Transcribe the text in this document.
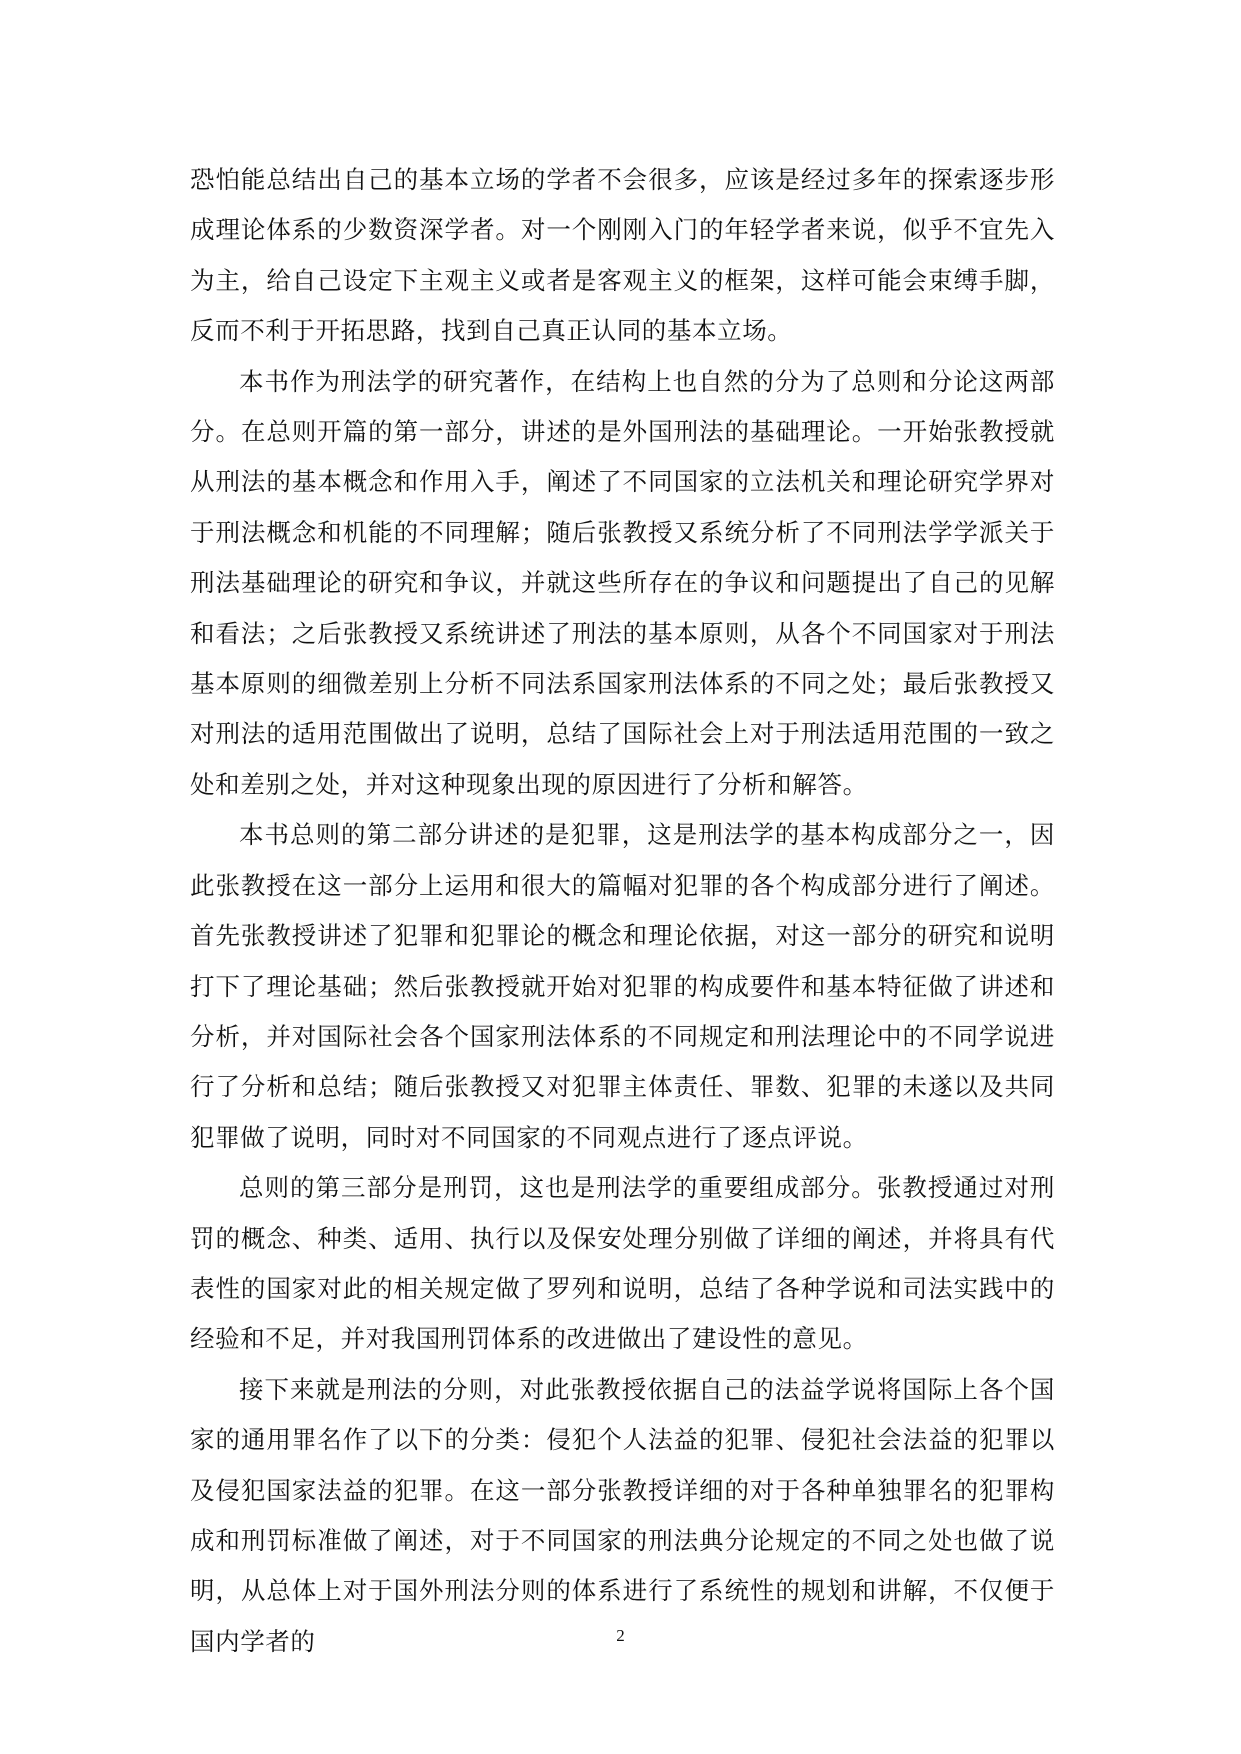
恐怕能总结出自己的基本立场的学者不会很多，应该是经过多年的探索逐步形成理论体系的少数资深学者。对一个刚刚入门的年轻学者来说，似乎不宜先入为主，给自己设定下主观主义或者是客观主义的框架，这样可能会束缚手脚，反而不利于开拓思路，找到自己真正认同的基本立场。

本书作为刑法学的研究著作，在结构上也自然的分为了总则和分论这两部分。在总则开篇的第一部分，讲述的是外国刑法的基础理论。一开始张教授就从刑法的基本概念和作用入手，阐述了不同国家的立法机关和理论研究学界对于刑法概念和机能的不同理解；随后张教授又系统分析了不同刑法学学派关于刑法基础理论的研究和争议，并就这些所存在的争议和问题提出了自己的见解和看法；之后张教授又系统讲述了刑法的基本原则，从各个不同国家对于刑法基本原则的细微差别上分析不同法系国家刑法体系的不同之处；最后张教授又对刑法的适用范围做出了说明，总结了国际社会上对于刑法适用范围的一致之处和差别之处，并对这种现象出现的原因进行了分析和解答。

本书总则的第二部分讲述的是犯罪，这是刑法学的基本构成部分之一，因此张教授在这一部分上运用和很大的篇幅对犯罪的各个构成部分进行了阐述。首先张教授讲述了犯罪和犯罪论的概念和理论依据，对这一部分的研究和说明打下了理论基础；然后张教授就开始对犯罪的构成要件和基本特征做了讲述和分析，并对国际社会各个国家刑法体系的不同规定和刑法理论中的不同学说进行了分析和总结；随后张教授又对犯罪主体责任、罪数、犯罪的未遂以及共同犯罪做了说明，同时对不同国家的不同观点进行了逐点评说。

总则的第三部分是刑罚，这也是刑法学的重要组成部分。张教授通过对刑罚的概念、种类、适用、执行以及保安处理分别做了详细的阐述，并将具有代表性的国家对此的相关规定做了罗列和说明，总结了各种学说和司法实践中的经验和不足，并对我国刑罚体系的改进做出了建设性的意见。

接下来就是刑法的分则，对此张教授依据自己的法益学说将国际上各个国家的通用罪名作了以下的分类：侵犯个人法益的犯罪、侵犯社会法益的犯罪以及侵犯国家法益的犯罪。在这一部分张教授详细的对于各种单独罪名的犯罪构成和刑罚标准做了阐述，对于不同国家的刑法典分论规定的不同之处也做了说明，从总体上对于国外刑法分则的体系进行了系统性的规划和讲解，不仅便于国内学者的	2
